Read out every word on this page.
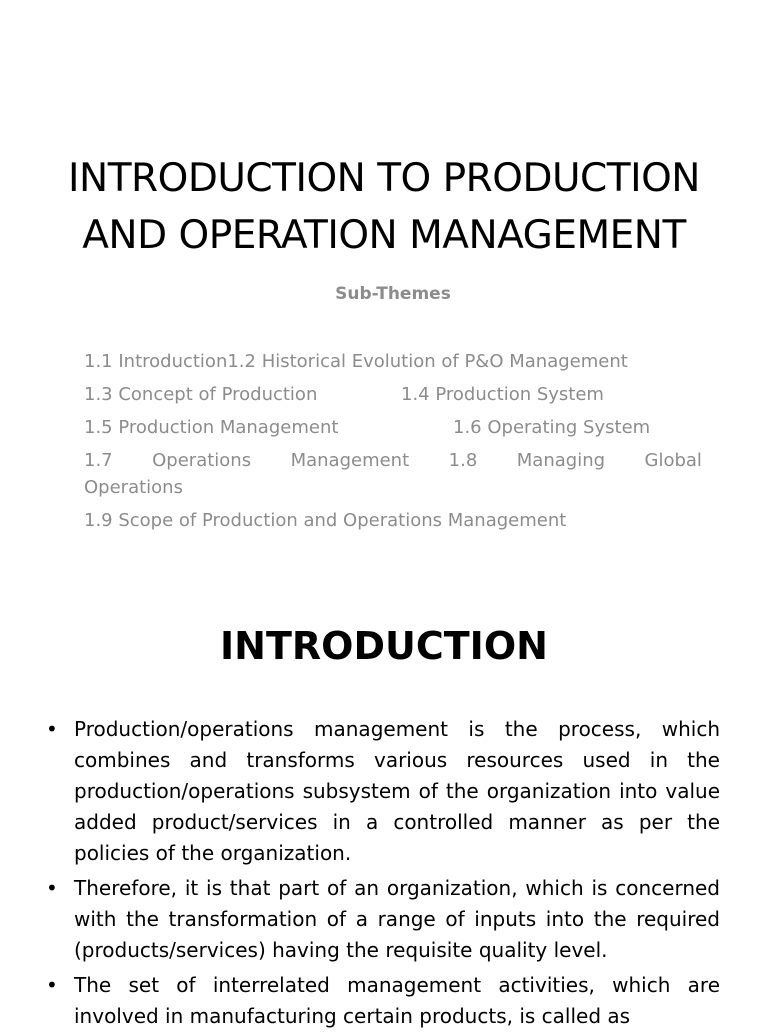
INTRODUCTION TO PRODUCTION
AND OPERATION MANAGEMENT
Sub-Themes
1.1 Introduction1.2 Historical Evolution of P&O Management
1.3 Concept of Production	1.4 Production System
1.5 Production Management	1.6 Operating System
1.7 Operations Management 1.8 Managing Global
Operations
1.9 Scope of Production and Operations Management
INTRODUCTION
• Production/operations management is the process, which combines and transforms various resources used in the production/operations subsystem of the organization into value added product/services in a controlled manner as per the policies of the organization.
• Therefore, it is that part of an organization, which is concerned with the transformation of a range of inputs into the required (products/services) having the requisite quality level.
• The set of interrelated management activities, which are involved in manufacturing certain products, is called as
